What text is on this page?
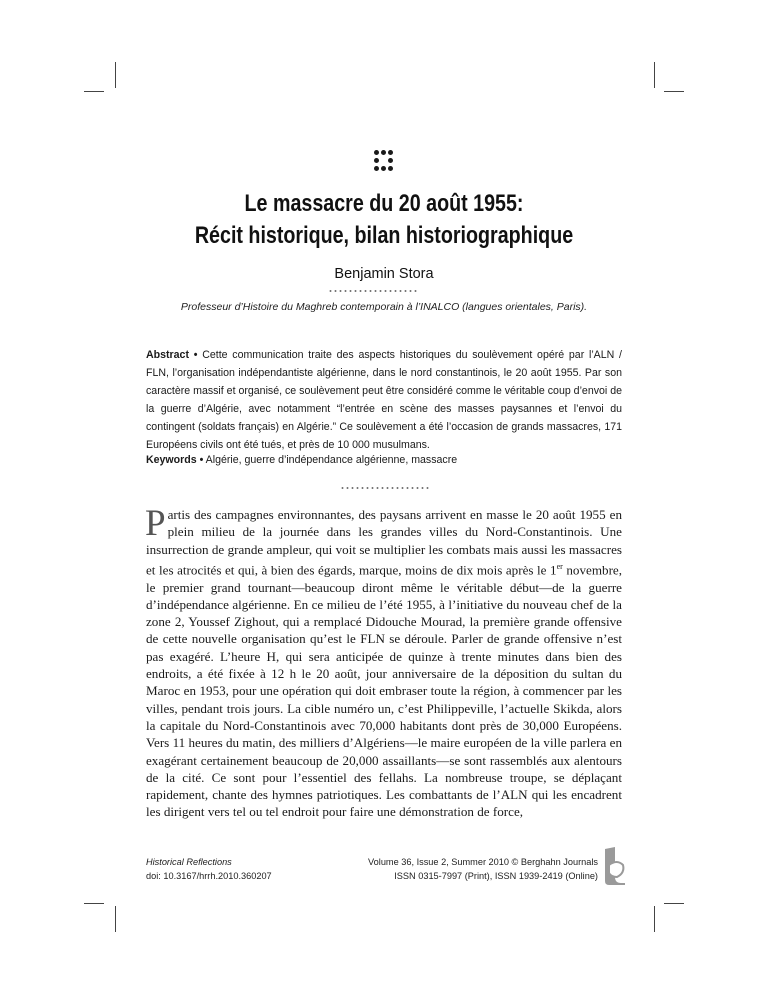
Le massacre du 20 août 1955:
Récit historique, bilan historiographique
Benjamin Stora
Professeur d’Histoire du Maghreb contemporain à l’INALCO (langues orientales, Paris).

Abstract • Cette communication traite des aspects historiques du soulèvement opéré par l’ALN / FLN, l’organisation indépendantiste algérienne, dans le nord constantinois, le 20 août 1955. Par son caractère massif et organisé, ce soulèvement peut être considéré comme le véritable coup d’envoi de la guerre d’Algérie, avec notamment “l’entrée en scène des masses paysannes et l’envoi du contingent (soldats français) en Algérie.” Ce soulèvement a été l’occasion de grands massacres, 171 Européens civils ont été tués, et près de 10 000 musulmans.

Keywords • Algérie, guerre d’indépendance algérienne, massacre

Partis des campagnes environnantes, des paysans arrivent en masse le 20 août 1955 en plein milieu de la journée dans les grandes villes du Nord-Constantinois. Une insurrection de grande ampleur, qui voit se multiplier les combats mais aussi les massacres et les atrocités et qui, à bien des égards, marque, moins de dix mois après le 1er novembre, le premier grand tournant—beaucoup diront même le véritable début—de la guerre d’indépendance algérienne. En ce milieu de l’été 1955, à l’initiative du nouveau chef de la zone 2, Youssef Zighout, qui a remplacé Didouche Mourad, la première grande offensive de cette nouvelle organisation qu’est le FLN se déroule. Parler de grande offensive n’est pas exagéré. L’heure H, qui sera anticipée de quinze à trente minutes dans bien des endroits, a été fixée à 12 h le 20 août, jour anniversaire de la déposition du sultan du Maroc en 1953, pour une opération qui doit embraser toute la région, à commencer par les villes, pendant trois jours. La cible numéro un, c’est Philippeville, l’actuelle Skikda, alors la capitale du Nord-Constantinois avec 70,000 habitants dont près de 30,000 Européens. Vers 11 heures du matin, des milliers d’Algériens—le maire européen de la ville parlera en exagérant certainement beaucoup de 20,000 assaillants—se sont rassemblés aux alentours de la cité. Ce sont pour l’essentiel des fellahs. La nombreuse troupe, se déplaçant rapidement, chante des hymnes patriotiques. Les combattants de l’ALN qui les encadrent les dirigent vers tel ou tel endroit pour faire une démonstration de force,

Historical Reflections
doi: 10.3167/hrrh.2010.360207
Volume 36, Issue 2, Summer 2010 © Berghahn Journals
ISSN 0315-7997 (Print), ISSN 1939-2419 (Online)
